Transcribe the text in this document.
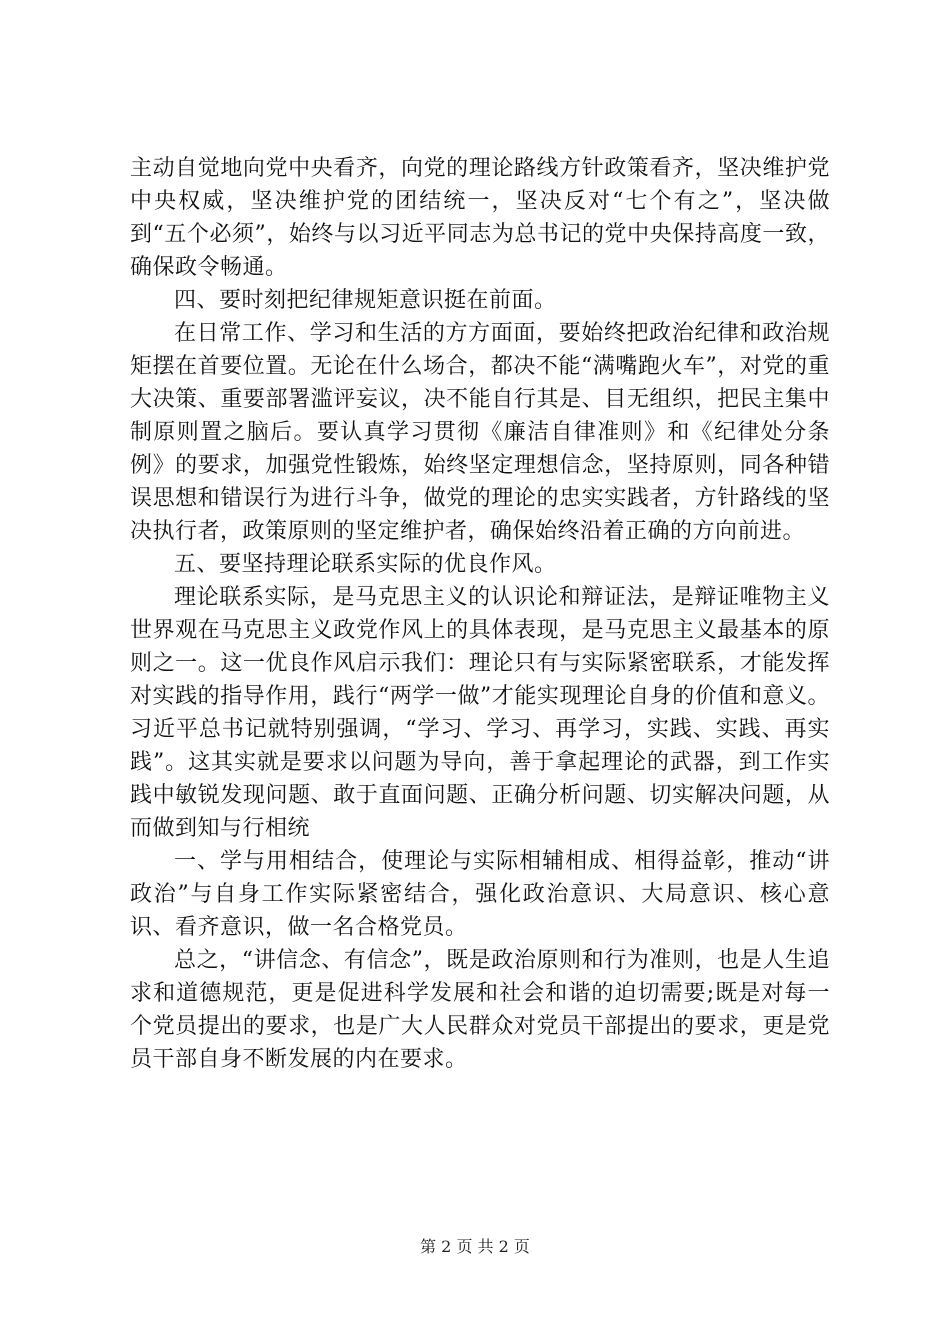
主动自觉地向党中央看齐，向党的理论路线方针政策看齐，坚决维护党中央权威，坚决维护党的团结统一，坚决反对“七个有之”，坚决做到“五个必须”，始终与以习近平同志为总书记的党中央保持高度一致，确保政令畅通。

四、要时刻把纪律规矩意识挺在前面。

在日常工作、学习和生活的方方面面，要始终把政治纪律和政治规矩摆在首要位置。无论在什么场合，都决不能“满嘴跑火车”，对党的重大决策、重要部署滥评妄议，决不能自行其是、目无组织，把民主集中制原则置之脑后。要认真学习贯彻《廉洁自律准则》和《纪律处分条例》的要求，加强党性锻炼，始终坚定理想信念，坚持原则，同各种错误思想和错误行为进行斗争，做党的理论的忠实实践者，方针路线的坚决执行者，政策原则的坚定维护者，确保始终沿着正确的方向前进。

五、要坚持理论联系实际的优良作风。

理论联系实际，是马克思主义的认识论和辩证法，是辩证唯物主义世界观在马克思主义政党作风上的具体表现，是马克思主义最基本的原则之一。这一优良作风启示我们：理论只有与实际紧密联系，才能发挥对实践的指导作用，践行“两学一做”才能实现理论自身的价值和意义。习近平总书记就特别强调，“学习、学习、再学习，实践、实践、再实践”。这其实就是要求以问题为导向，善于拿起理论的武器，到工作实践中敏锐发现问题、敢于直面问题、正确分析问题、切实解决问题，从而做到知与行相统

一、学与用相结合，使理论与实际相辅相成、相得益彰，推动“讲政治”与自身工作实际紧密结合，强化政治意识、大局意识、核心意识、看齐意识，做一名合格党员。

总之，“讲信念、有信念”，既是政治原则和行为准则，也是人生追求和道德规范，更是促进科学发展和社会和谐的迫切需要;既是对每一个党员提出的要求，也是广大人民群众对党员干部提出的要求，更是党员干部自身不断发展的内在要求。

第 2 页 共 2 页
